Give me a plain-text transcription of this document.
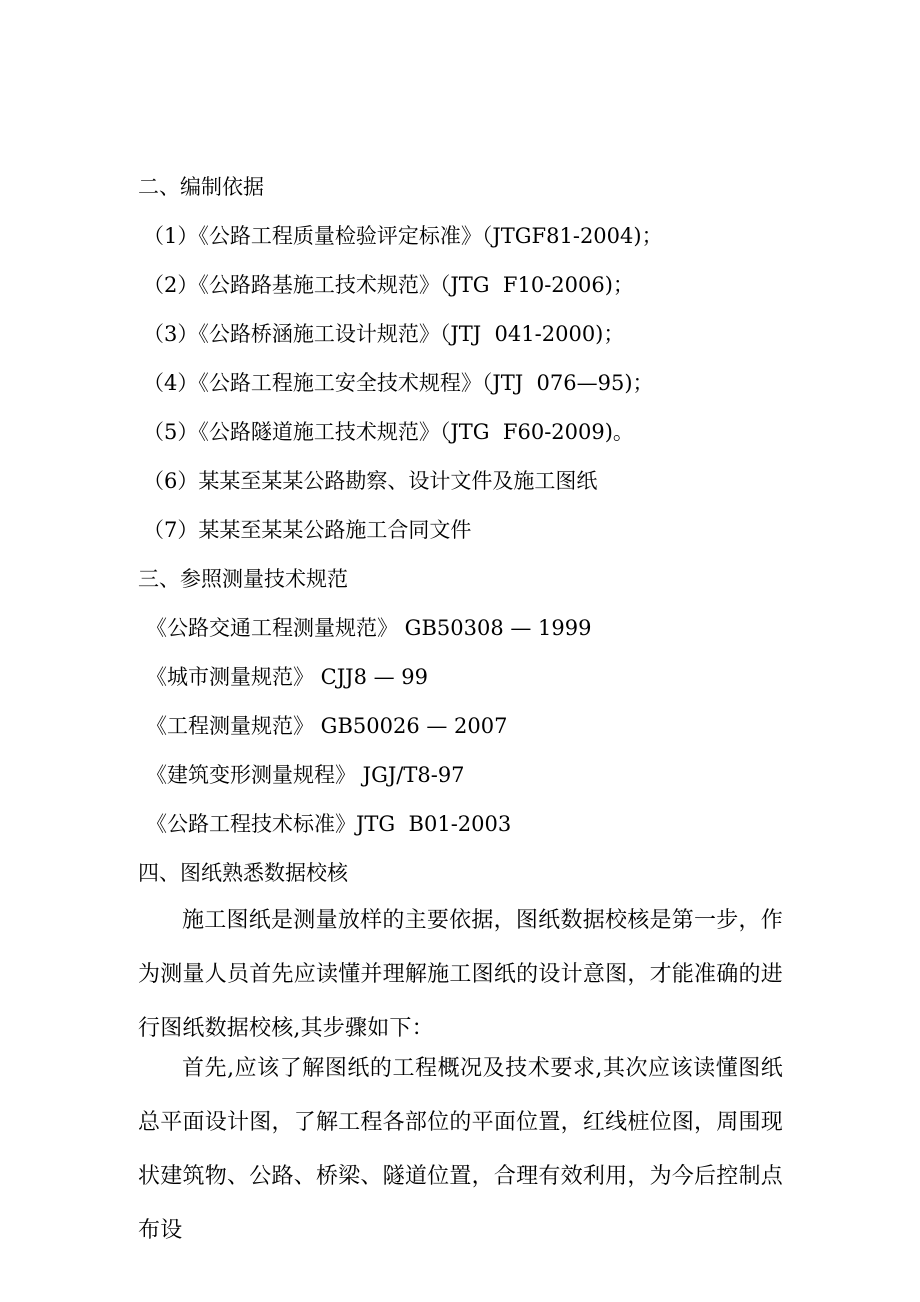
二、编制依据
（1）《公路工程质量检验评定标准》（JTGF81-2004)；
（2）《公路路基施工技术规范》（JTG  F10-2006)；
（3）《公路桥涵施工设计规范》（JTJ  041-2000)；
（4）《公路工程施工安全技术规程》（JTJ  076—95)；
（5）《公路隧道施工技术规范》（JTG  F60-2009)。
（6）某某至某某公路勘察、设计文件及施工图纸
（7）某某至某某公路施工合同文件
三、参照测量技术规范
《公路交通工程测量规范》 GB50308 — 1999
《城市测量规范》 CJJ8 — 99
《工程测量规范》 GB50026 — 2007
《建筑变形测量规程》 JGJ/T8-97
《公路工程技术标准》JTG  B01-2003
四、图纸熟悉数据校核
施工图纸是测量放样的主要依据，图纸数据校核是第一步，作为测量人员首先应读懂并理解施工图纸的设计意图，才能准确的进行图纸数据校核,其步骤如下：
首先,应该了解图纸的工程概况及技术要求,其次应该读懂图纸总平面设计图，了解工程各部位的平面位置，红线桩位图，周围现状建筑物、公路、桥梁、隧道位置，合理有效利用，为今后控制点布设
